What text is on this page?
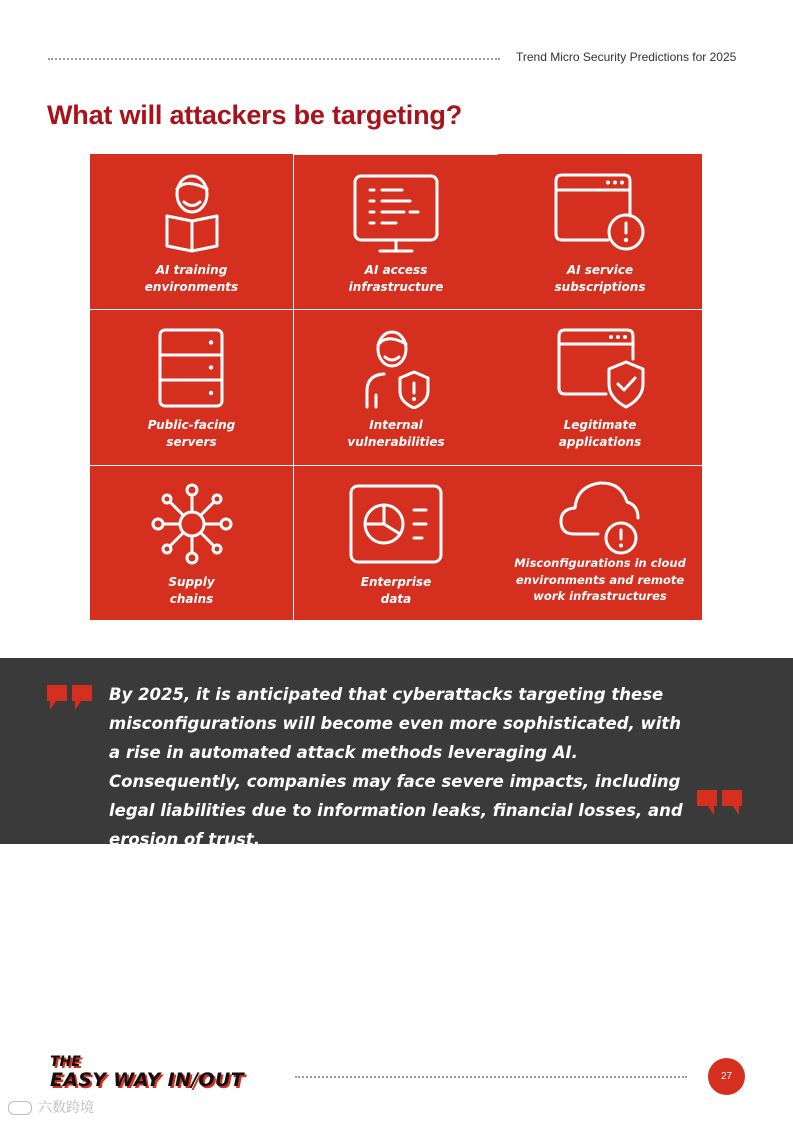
Trend Micro Security Predictions for 2025
What will attackers be targeting?
AI training
environments
AI access
infrastructure
AI service
subscriptions
Public-facing
servers
Internal
vulnerabilities
Legitimate
applications
Supply
chains
Enterprise
data
Misconfigurations in cloud
environments and remote
work infrastructures

By 2025, it is anticipated that cyberattacks targeting these misconfigurations will become even more sophisticated, with a rise in automated attack methods leveraging AI. Consequently, companies may face severe impacts, including legal liabilities due to information leaks, financial losses, and erosion of trust.

THE
EASY WAY IN/OUT	27
六数跨境
